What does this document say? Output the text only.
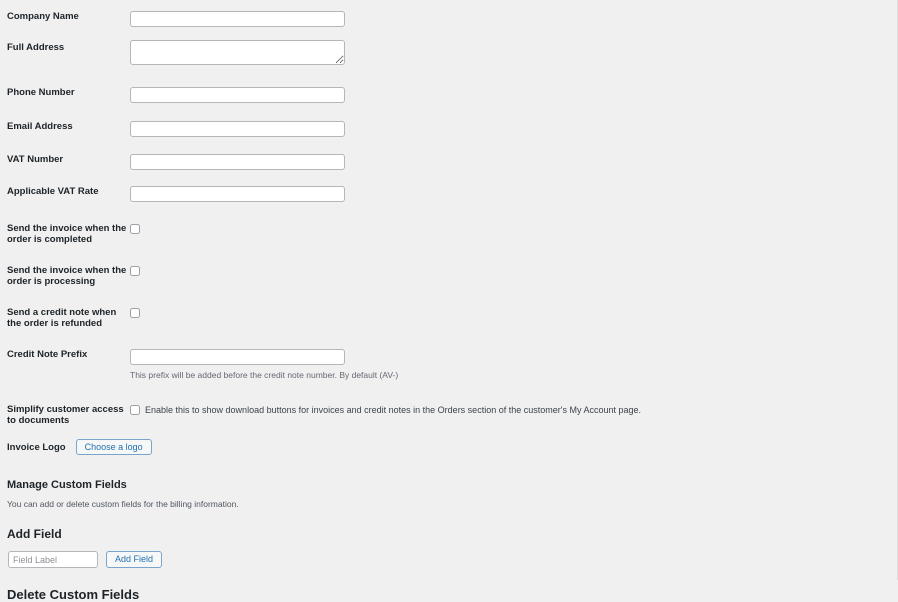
Company Name
Full Address
Phone Number
Email Address
VAT Number
Applicable VAT Rate
Send the invoice when the order is completed
Send the invoice when the order is processing
Send a credit note when the order is refunded
Credit Note Prefix
This prefix will be added before the credit note number. By default (AV-)
Simplify customer access to documents
Enable this to show download buttons for invoices and credit notes in the Orders section of the customer's My Account page.
Invoice Logo	Choose a logo
Manage Custom Fields

You can add or delete custom fields for the billing information.

Add Field
Field Label
Add Field
Delete Custom Fields
